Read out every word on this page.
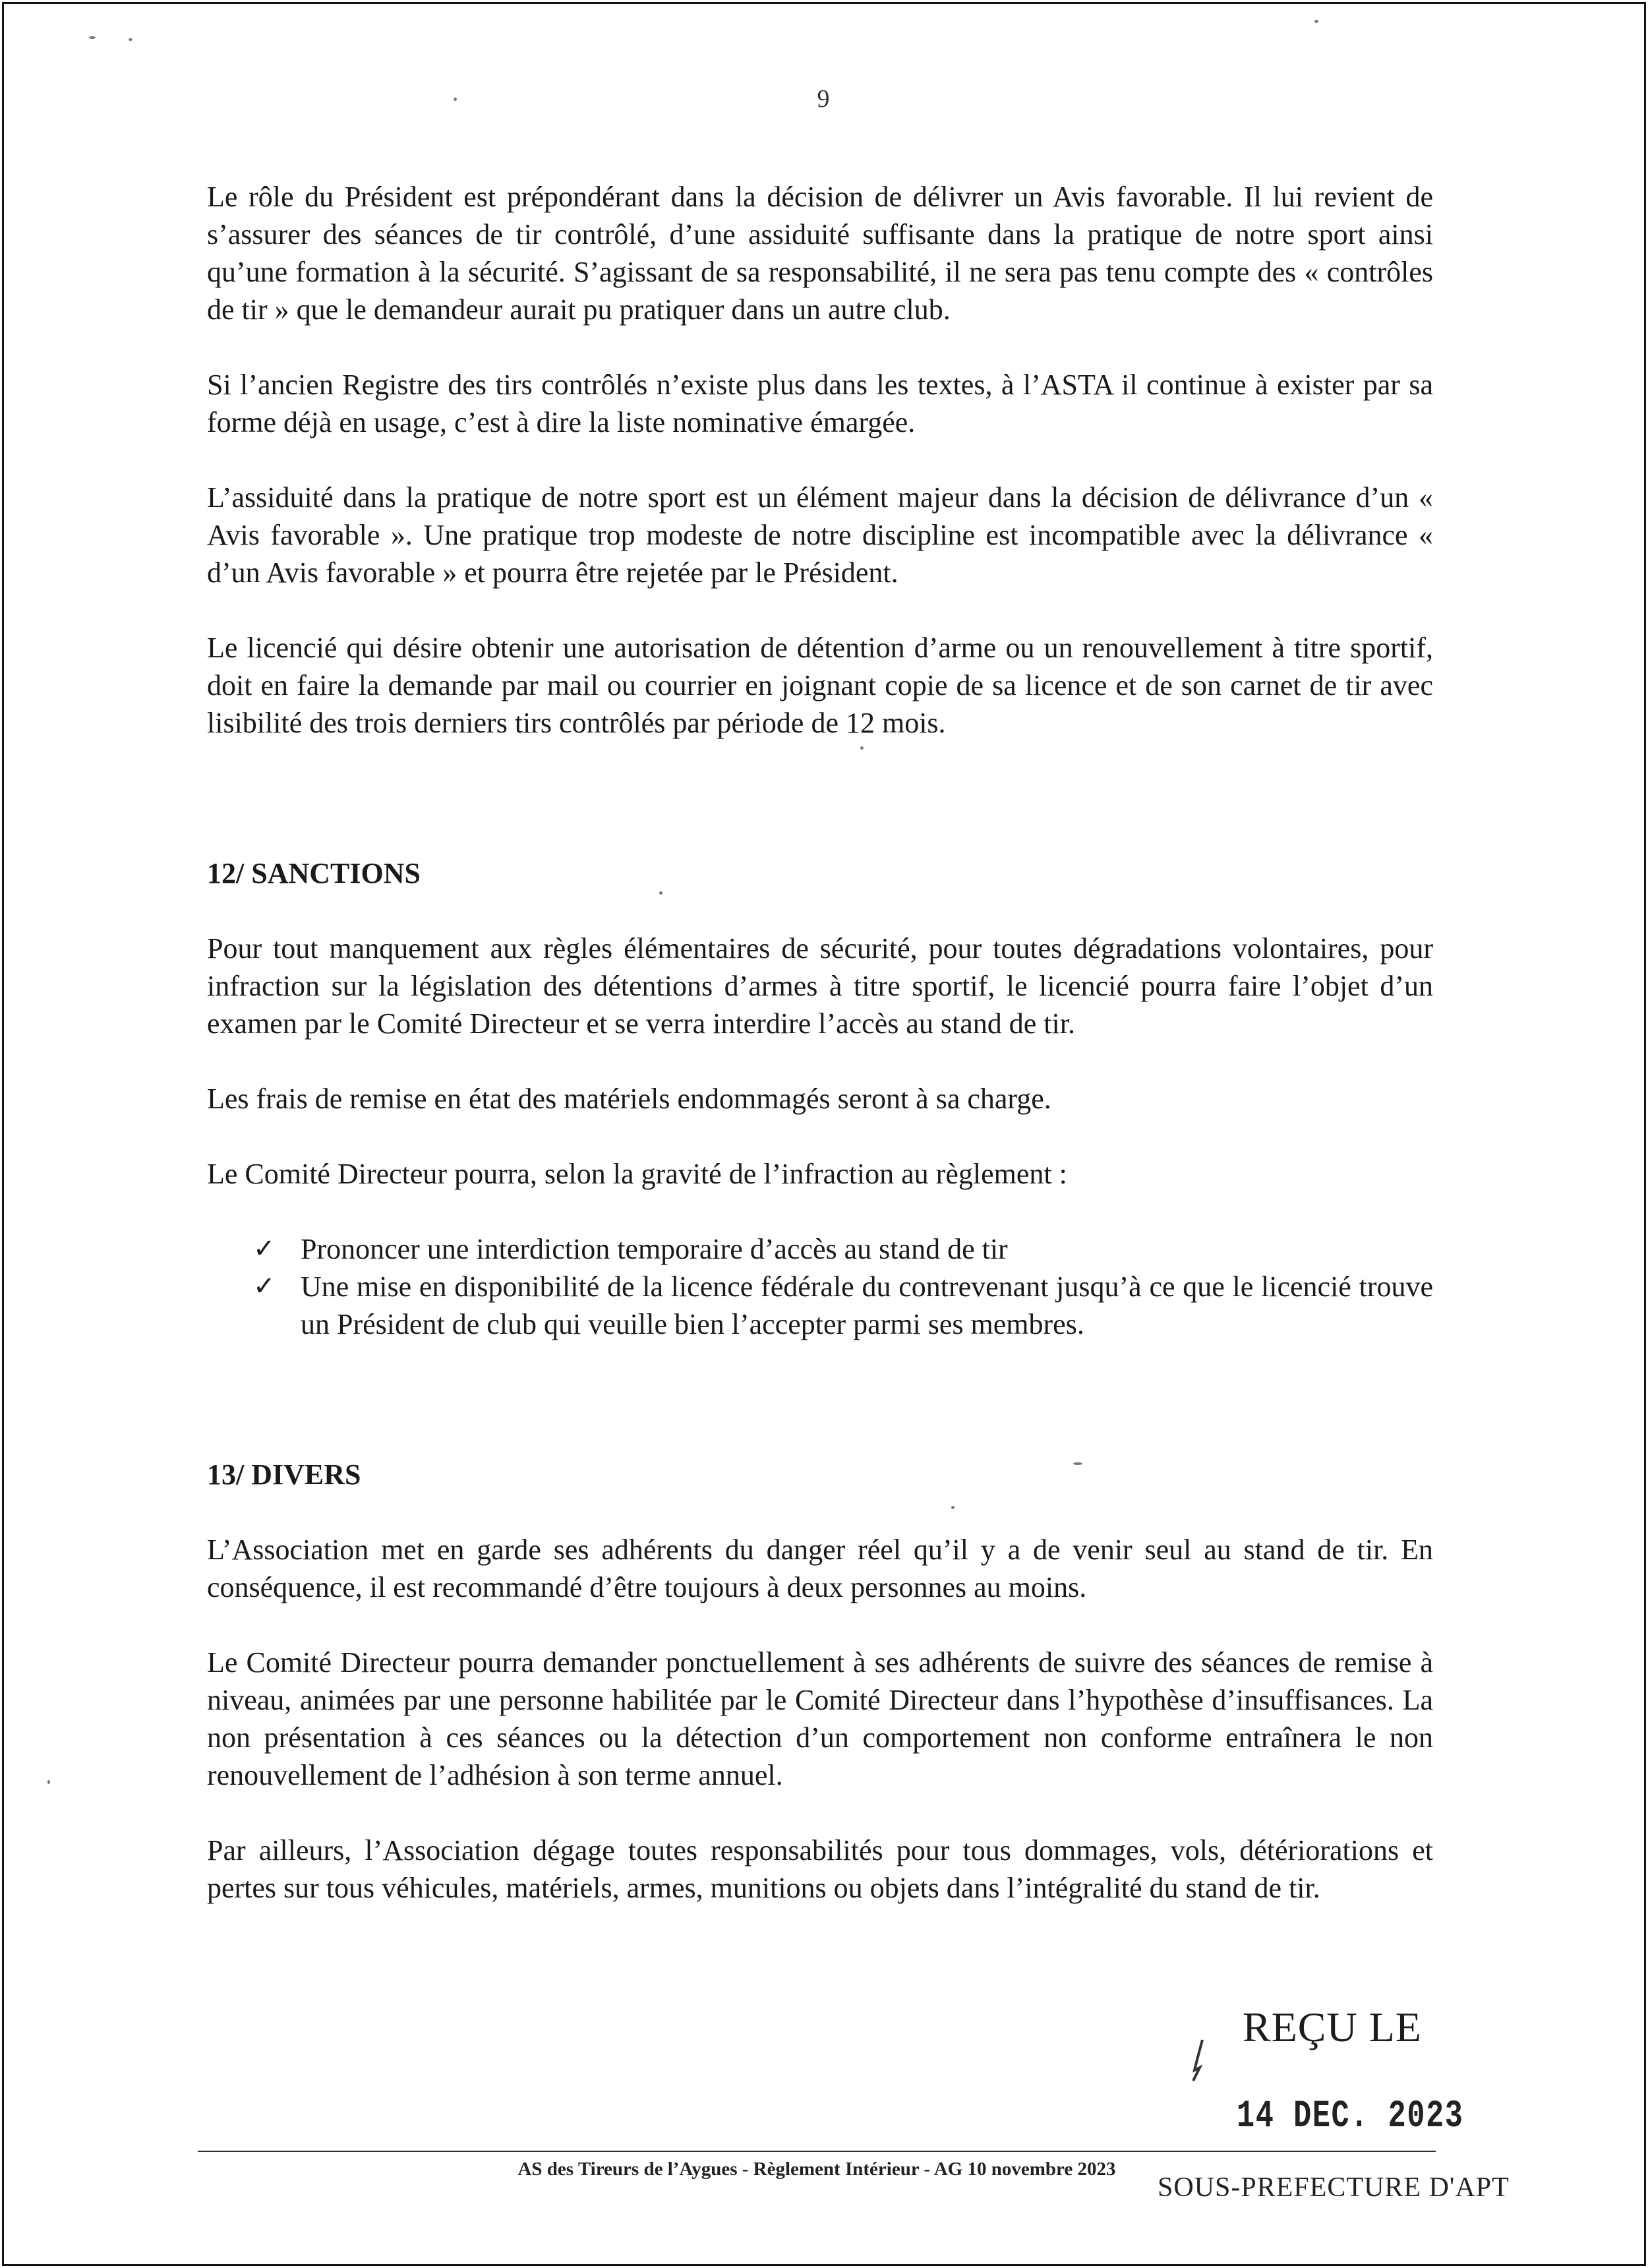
9

Le rôle du Président est prépondérant dans la décision de délivrer un Avis favorable. Il lui revient de s’assurer des séances de tir contrôlé, d’une assiduité suffisante dans la pratique de notre sport ainsi qu’une formation à la sécurité. S’agissant de sa responsabilité, il ne sera pas tenu compte des « contrôles de tir » que le demandeur aurait pu pratiquer dans un autre club.

Si l’ancien Registre des tirs contrôlés n’existe plus dans les textes, à l’ASTA il continue à exister par sa forme déjà en usage, c’est à dire la liste nominative émargée.

L’assiduité dans la pratique de notre sport est un élément majeur dans la décision de délivrance d’un « Avis favorable ». Une pratique trop modeste de notre discipline est incompatible avec la délivrance « d’un Avis favorable » et pourra être rejetée par le Président.

Le licencié qui désire obtenir une autorisation de détention d’arme ou un renouvellement à titre sportif, doit en faire la demande par mail ou courrier en joignant copie de sa licence et de son carnet de tir avec lisibilité des trois derniers tirs contrôlés par période de 12 mois.

12/ SANCTIONS

Pour tout manquement aux règles élémentaires de sécurité, pour toutes dégradations volontaires, pour infraction sur la législation des détentions d’armes à titre sportif, le licencié pourra faire l’objet d’un examen par le Comité Directeur et se verra interdire l’accès au stand de tir.

Les frais de remise en état des matériels endommagés seront à sa charge.

Le Comité Directeur pourra, selon la gravité de l’infraction au règlement :

✓ Prononcer une interdiction temporaire d’accès au stand de tir
✓ Une mise en disponibilité de la licence fédérale du contrevenant jusqu’à ce que le licencié trouve un Président de club qui veuille bien l’accepter parmi ses membres.
13/ DIVERS

L’Association met en garde ses adhérents du danger réel qu’il y a de venir seul au stand de tir. En conséquence, il est recommandé d’être toujours à deux personnes au moins.

Le Comité Directeur pourra demander ponctuellement à ses adhérents de suivre des séances de remise à niveau, animées par une personne habilitée par le Comité Directeur dans l’hypothèse d’insuffisances. La non présentation à ces séances ou la détection d’un comportement non conforme entraînera le non renouvellement de l’adhésion à son terme annuel.

Par ailleurs, l’Association dégage toutes responsabilités pour tous dommages, vols, détériorations et pertes sur tous véhicules, matériels, armes, munitions ou objets dans l’intégralité du stand de tir.

REÇU LE
14 DEC. 2023
AS des Tireurs de l’Aygues - Règlement Intérieur - AG 10 novembre 2023
SOUS-PREFECTURE D'APT
